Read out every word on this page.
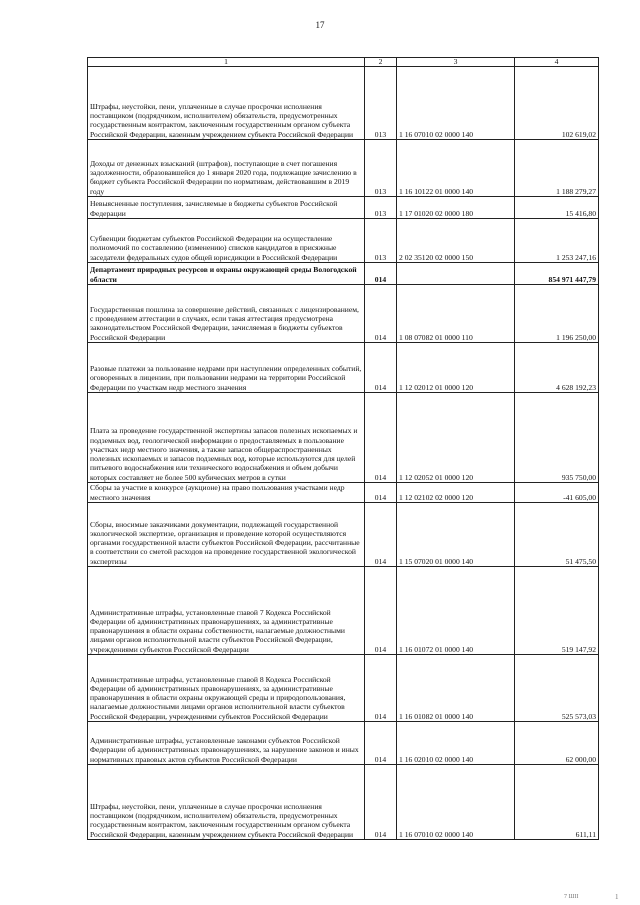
17
1	2	3	4
Штрафы, неустойки, пени, уплаченные в случае просрочки исполнения поставщиком (подрядчиком, исполнителем) обязательств, предусмотренных государственным контрактом, заключенным государственным органом субъекта Российской Федерации, казенным учреждением субъекта Российской Федерации	013	1 16 07010 02 0000 140	102 619,02
Доходы от денежных взысканий (штрафов), поступающие в счет погашения задолженности, образовавшейся до 1 января 2020 года, подлежащие зачислению в бюджет субъекта Российской Федерации по нормативам, действовавшим в 2019 году	013	1 16 10122 01 0000 140	1 188 279,27
Невыясненные поступления, зачисляемые в бюджеты субъектов Российской Федерации	013	1 17 01020 02 0000 180	15 416,80
Субвенции бюджетам субъектов Российской Федерации на осуществление полномочий по составлению (изменению) списков кандидатов в присяжные заседатели федеральных судов общей юрисдикции в Российской Федерации	013	2 02 35120 02 0000 150	1 253 247,16
Департамент природных ресурсов и охраны окружающей среды Вологодской области	014		854 971 447,79
Государственная пошлина за совершение действий, связанных с лицензированием, с проведением аттестации в случаях, если такая аттестация предусмотрена законодательством Российской Федерации, зачисляемая в бюджеты субъектов Российской Федерации	014	1 08 07082 01 0000 110	1 196 250,00
Разовые платежи за пользование недрами при наступлении определенных событий, оговоренных в лицензии, при пользовании недрами на территории Российской Федерации по участкам недр местного значения	014	1 12 02012 01 0000 120	4 628 192,23
Плата за проведение государственной экспертизы запасов полезных ископаемых и подземных вод, геологической информации о предоставляемых в пользование участках недр местного значения, а также запасов общераспространенных полезных ископаемых и запасов подземных вод, которые используются для целей питьевого водоснабжения или технического водоснабжения и объем добычи которых составляет не более 500 кубических метров в сутки	014	1 12 02052 01 0000 120	935 750,00
Сборы за участие в конкурсе (аукционе) на право пользования участками недр местного значения	014	1 12 02102 02 0000 120	-41 605,00
Сборы, вносимые заказчиками документации, подлежащей государственной экологической экспертизе, организация и проведение которой осуществляются органами государственной власти субъектов Российской Федерации, рассчитанные в соответствии со сметой расходов на проведение государственной экологической экспертизы	014	1 15 07020 01 0000 140	51 475,50
Административные штрафы, установленные главой 7 Кодекса Российской Федерации об административных правонарушениях, за административные правонарушения в области охраны собственности, налагаемые должностными лицами органов исполнительной власти субъектов Российской Федерации, учреждениями субъектов Российской Федерации	014	1 16 01072 01 0000 140	519 147,92
Административные штрафы, установленные главой 8 Кодекса Российской Федерации об административных правонарушениях, за административные правонарушения в области охраны окружающей среды и природопользования, налагаемые должностными лицами органов исполнительной власти субъектов Российской Федерации, учреждениями субъектов Российской Федерации	014	1 16 01082 01 0000 140	525 573,03
Административные штрафы, установленные законами субъектов Российской Федерации об административных правонарушениях, за нарушение законов и иных нормативных правовых актов субъектов Российской Федерации	014	1 16 02010 02 0000 140	62 000,00
Штрафы, неустойки, пени, уплаченные в случае просрочки исполнения поставщиком (подрядчиком, исполнителем) обязательств, предусмотренных государственным контрактом, заключенным государственным органом субъекта Российской Федерации, казенным учреждением субъекта Российской Федерации	014	1 16 07010 02 0000 140	611,11
7 ШІІ	1
